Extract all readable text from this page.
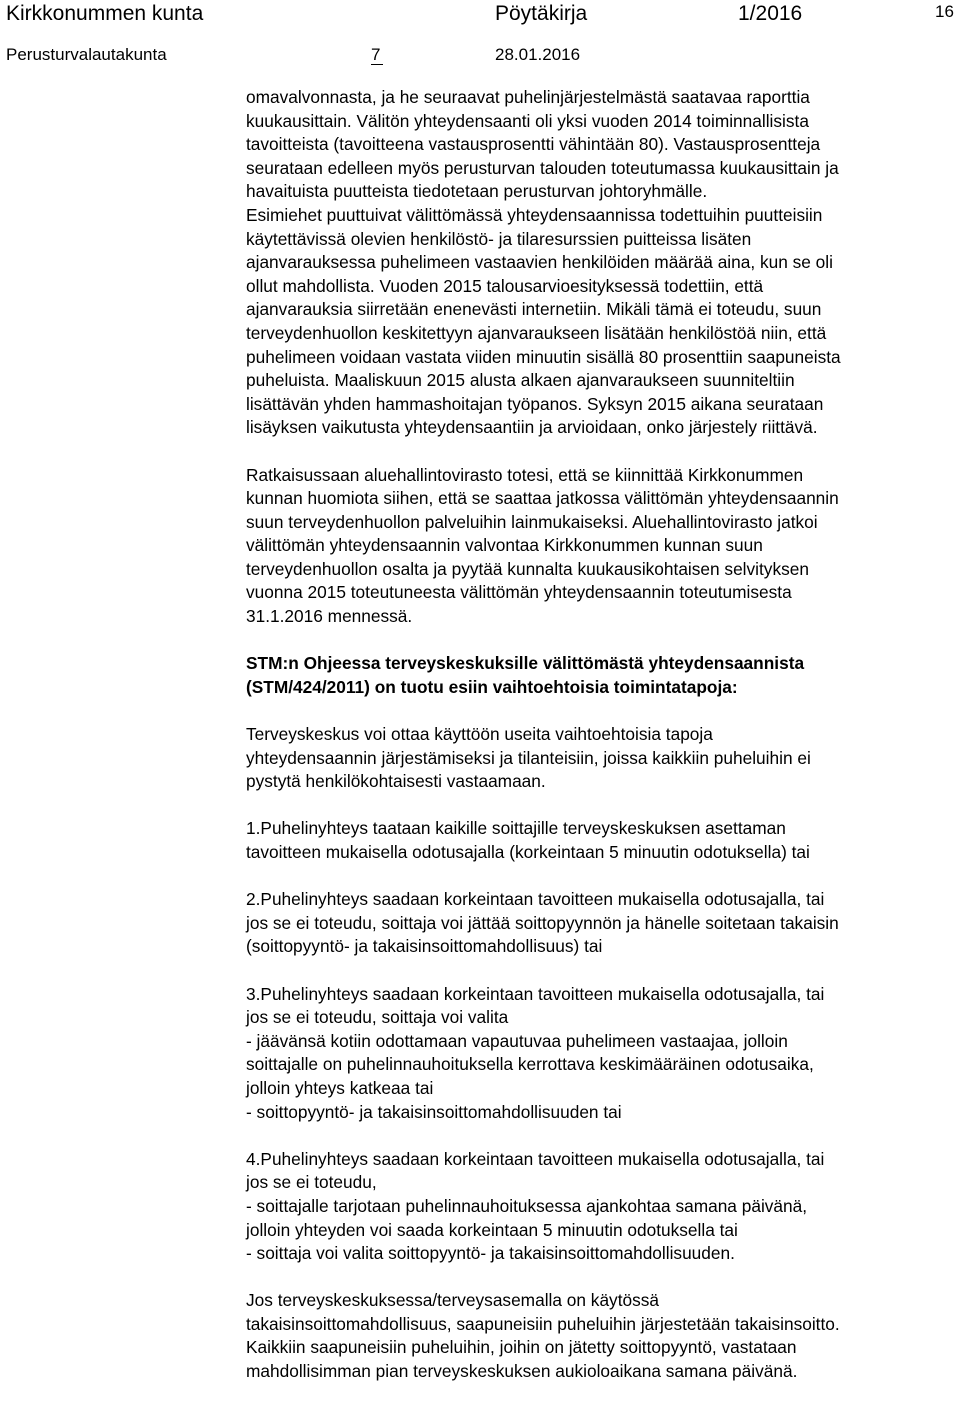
Kirkkonummen kunta	Pöytäkirja	1/2016	16
Perusturvalautakunta	7	28.01.2016

omavalvonnasta, ja he seuraavat puhelinjärjestelmästä saatavaa raporttia

kuukausittain. Välitön yhteydensaanti oli yksi vuoden 2014 toiminnallisista

tavoitteista (tavoitteena vastausprosentti vähintään 80). Vastausprosentteja

seurataan edelleen myös perusturvan talouden toteutumassa kuukausittain ja

havaituista puutteista tiedotetaan perusturvan johtoryhmälle.

Esimiehet puuttuivat välittömässä yhteydensaannissa todettuihin puutteisiin

käytettävissä olevien henkilöstö- ja tilaresurssien puitteissa lisäten

ajanvarauksessa puhelimeen vastaavien henkilöiden määrää aina, kun se oli

ollut mahdollista. Vuoden 2015 talousarvioesityksessä todettiin, että

ajanvarauksia siirretään enenevästi internetiin. Mikäli tämä ei toteudu, suun

terveydenhuollon keskitettyyn ajanvaraukseen lisätään henkilöstöä niin, että

puhelimeen voidaan vastata viiden minuutin sisällä 80 prosenttiin saapuneista

puheluista. Maaliskuun 2015 alusta alkaen ajanvaraukseen suunniteltiin

lisättävän yhden hammashoitajan työpanos. Syksyn 2015 aikana seurataan

lisäyksen vaikutusta yhteydensaantiin ja arvioidaan, onko järjestely riittävä.

Ratkaisussaan aluehallintovirasto totesi, että se kiinnittää Kirkkonummen

kunnan huomiota siihen, että se saattaa jatkossa välittömän yhteydensaannin

suun terveydenhuollon palveluihin lainmukaiseksi. Aluehallintovirasto jatkoi

välittömän yhteydensaannin valvontaa Kirkkonummen kunnan suun

terveydenhuollon osalta ja pyytää kunnalta kuukausikohtaisen selvityksen

vuonna 2015 toteutuneesta välittömän yhteydensaannin toteutumisesta

31.1.2016 mennessä.

STM:n Ohjeessa terveyskeskuksille välittömästä yhteydensaannista

(STM/424/2011) on tuotu esiin vaihtoehtoisia toimintatapoja:

Terveyskeskus voi ottaa käyttöön useita vaihtoehtoisia tapoja

yhteydensaannin järjestämiseksi ja tilanteisiin, joissa kaikkiin puheluihin ei

pystytä henkilökohtaisesti vastaamaan.

1.Puhelinyhteys taataan kaikille soittajille terveyskeskuksen asettaman

tavoitteen mukaisella odotusajalla (korkeintaan 5 minuutin odotuksella) tai

2.Puhelinyhteys saadaan korkeintaan tavoitteen mukaisella odotusajalla, tai

jos se ei toteudu, soittaja voi jättää soittopyynnön ja hänelle soitetaan takaisin

(soittopyyntö- ja takaisinsoittomahdollisuus) tai

3.Puhelinyhteys saadaan korkeintaan tavoitteen mukaisella odotusajalla, tai

jos se ei toteudu, soittaja voi valita

- jäävänsä kotiin odottamaan vapautuvaa puhelimeen vastaajaa, jolloin

soittajalle on puhelinnauhoituksella kerrottava keskimääräinen odotusaika,

jolloin yhteys katkeaa tai

- soittopyyntö- ja takaisinsoittomahdollisuuden tai

4.Puhelinyhteys saadaan korkeintaan tavoitteen mukaisella odotusajalla, tai

jos se ei toteudu,

- soittajalle tarjotaan puhelinnauhoituksessa ajankohtaa samana päivänä,

jolloin yhteyden voi saada korkeintaan 5 minuutin odotuksella tai

- soittaja voi valita soittopyyntö- ja takaisinsoittomahdollisuuden.

Jos terveyskeskuksessa/terveysasemalla on käytössä

takaisinsoittomahdollisuus, saapuneisiin puheluihin järjestetään takaisinsoitto.

Kaikkiin saapuneisiin puheluihin, joihin on jätetty soittopyyntö, vastataan

mahdollisimman pian terveyskeskuksen aukioloaikana samana päivänä.
